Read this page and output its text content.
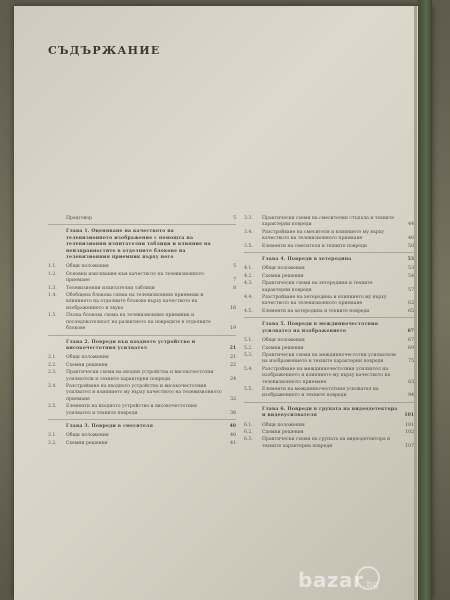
СЪДЪРЖАНИЕ
Предговор	5
Глава 1. Оценяване на качеството на телевизионното изображение с помощта на телевизионни изпитателни таблици и влияние на неизправностите в отделните блокове на телевизионния приемник върху него
1.1.	Общи положения	5
1.2.	Основни изисквания към качеството на телевизионното приемане	7
1.3.	Телевизионни изпитателни таблици	8
1.4.	Обобщена блокова схема на телевизионния приемник и влиянието на отделните блокове върху качеството на изображението и звука	16
1.5.	Пълна блокова схема на телевизионния приемник и последователност на развитието на повредите в отделните блокове	19
Глава 2. Повреди във входното устройство и високочестотния усилвател	21
2.1.	Общи положения	21
2.2.	Схемни решения	22
2.3.	Практически схеми на входни устройства и високочестотни усилватели и техните характерни повреди	24
2.4.	Разстройване на входното устройство и високочестотния усилвател и влиянието му върху качеството на телевизионното приемане	32
2.5.	Елементи на входното устройство и високочестотния усилвател и техните повреди	36
Глава 3. Повреди в смесителя	40
3.1.	Общи положения	40
3.2.	Схемни решения	41
3.3.	Практически схеми на смесителни стъпала и техните характерни повреди	44
3.4.	Разстройване на смесителя и влиянието му върху качеството на телевизионното приемане	48
3.5.	Елементи на смесителя и техните повреди	50
Глава 4. Повреди в хетеродина	53
4.1.	Общи положения	53
4.2.	Схемни решения	54
4.3.	Практически схеми на хетеродини и техните характерни повреди	57
4.4.	Разстройване на хетеродина и влиянието му върху качеството на телевизионното приемане	62
4.5.	Елементи на хетеродина и техните повреди	65
Глава 5. Повреди в междинночестотния усилвател на изображението	67
5.1.	Общи положения	67
5.2.	Схемни решения	69
5.3.	Практически схеми на междинночестотни усилватели на изображението и техните характерни повреди	75
5.4.	Разстройване на междинночестотния усилвател на изображението и влиянието му върху качеството на телевизионното приемане	83
5.5.	Елементи на междинночестотния усилвател на изображението и техните повреди	94
Глава 6. Повреди в групата на видеодетектора и видеоусилвателя	101
6.1.	Общи положения	101
6.2.	Схемни решения	102
6.3.	Практически схеми на групата на видеодетектора и техните характерни повреди	107
bazar.bg
